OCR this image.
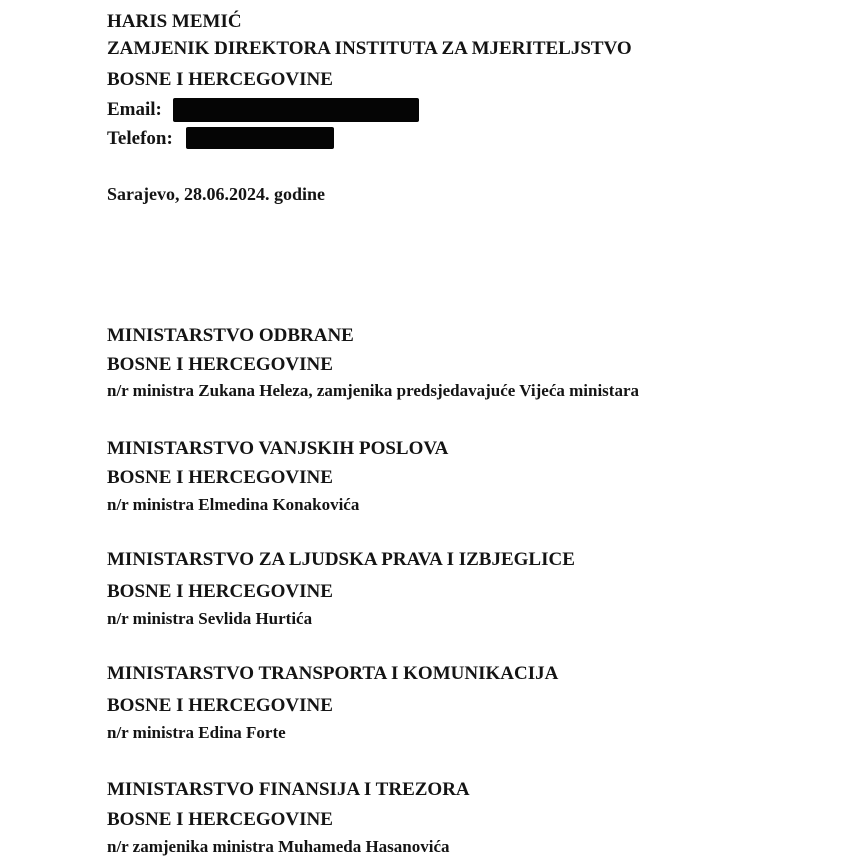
HARIS MEMIĆ
ZAMJENIK DIREKTORA INSTITUTA ZA MJERITELJSTVO
BOSNE I HERCEGOVINE
Email:
Telefon:
Sarajevo, 28.06.2024. godine
MINISTARSTVO ODBRANE
BOSNE I HERCEGOVINE
n/r ministra Zukana Heleza, zamjenika predsjedavajuće Vijeća ministara
MINISTARSTVO VANJSKIH POSLOVA
BOSNE I HERCEGOVINE
n/r ministra Elmedina Konakovića
MINISTARSTVO ZA LJUDSKA PRAVA I IZBJEGLICE
BOSNE I HERCEGOVINE
n/r ministra Sevlida Hurtića
MINISTARSTVO TRANSPORTA I KOMUNIKACIJA
BOSNE I HERCEGOVINE
n/r ministra Edina Forte
MINISTARSTVO FINANSIJA I TREZORA
BOSNE I HERCEGOVINE
n/r zamjenika ministra Muhameda Hasanovića
